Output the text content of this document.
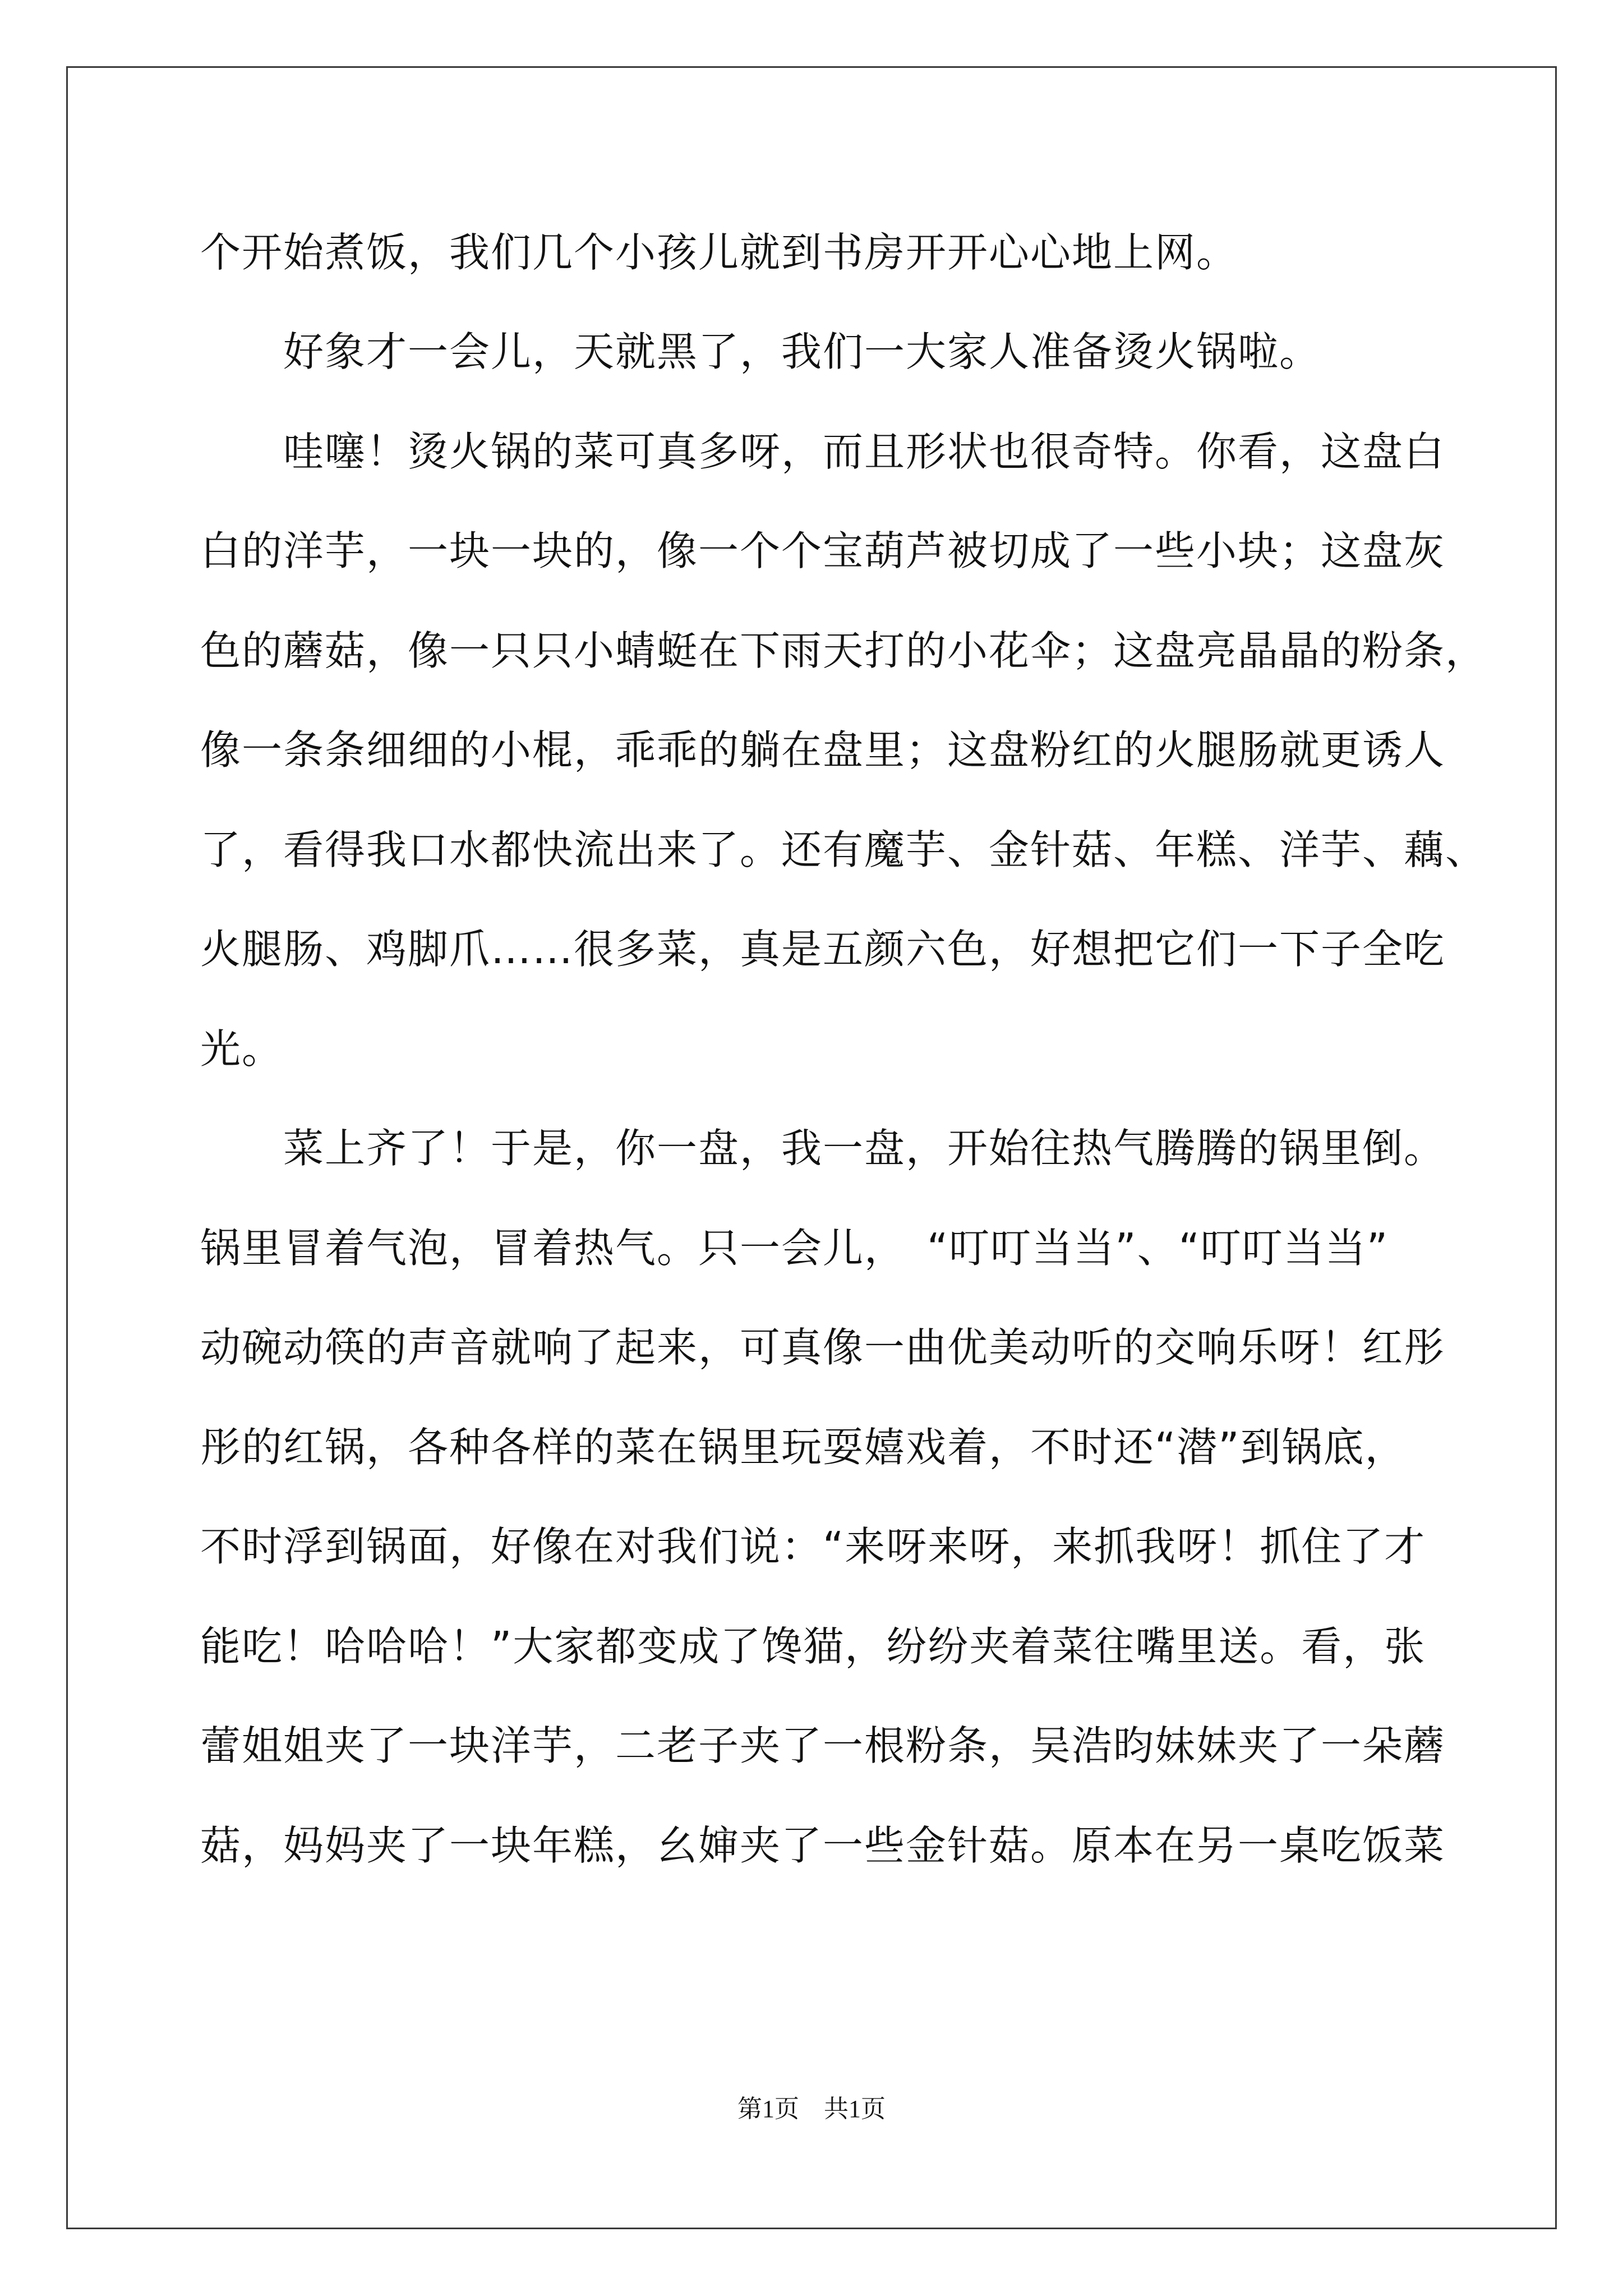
个开始煮饭，我们几个小孩儿就到书房开开心心地上网。
　　好象才一会儿，天就黑了，我们一大家人准备烫火锅啦。
　　哇噻！烫火锅的菜可真多呀，而且形状也很奇特。你看，这盘白
白的洋芋，一块一块的，像一个个宝葫芦被切成了一些小块；这盘灰
色的蘑菇，像一只只小蜻蜓在下雨天打的小花伞；这盘亮晶晶的粉条，
像一条条细细的小棍，乖乖的躺在盘里；这盘粉红的火腿肠就更诱人
了，看得我口水都快流出来了。还有魔芋、金针菇、年糕、洋芋、藕、
火腿肠、鸡脚爪……很多菜，真是五颜六色，好想把它们一下子全吃
光。
　　菜上齐了！于是，你一盘，我一盘，开始往热气腾腾的锅里倒。
锅里冒着气泡，冒着热气。只一会儿，　“叮叮当当”、“叮叮当当”
动碗动筷的声音就响了起来，可真像一曲优美动听的交响乐呀！红彤
彤的红锅，各种各样的菜在锅里玩耍嬉戏着，不时还“潜”到锅底，
不时浮到锅面，好像在对我们说：“来呀来呀，来抓我呀！抓住了才
能吃！哈哈哈！”大家都变成了馋猫，纷纷夹着菜往嘴里送。看，张
蕾姐姐夹了一块洋芋，二老子夹了一根粉条，吴浩昀妹妹夹了一朵蘑
菇，妈妈夹了一块年糕，幺婶夹了一些金针菇。原本在另一桌吃饭菜
第1页　共1页
